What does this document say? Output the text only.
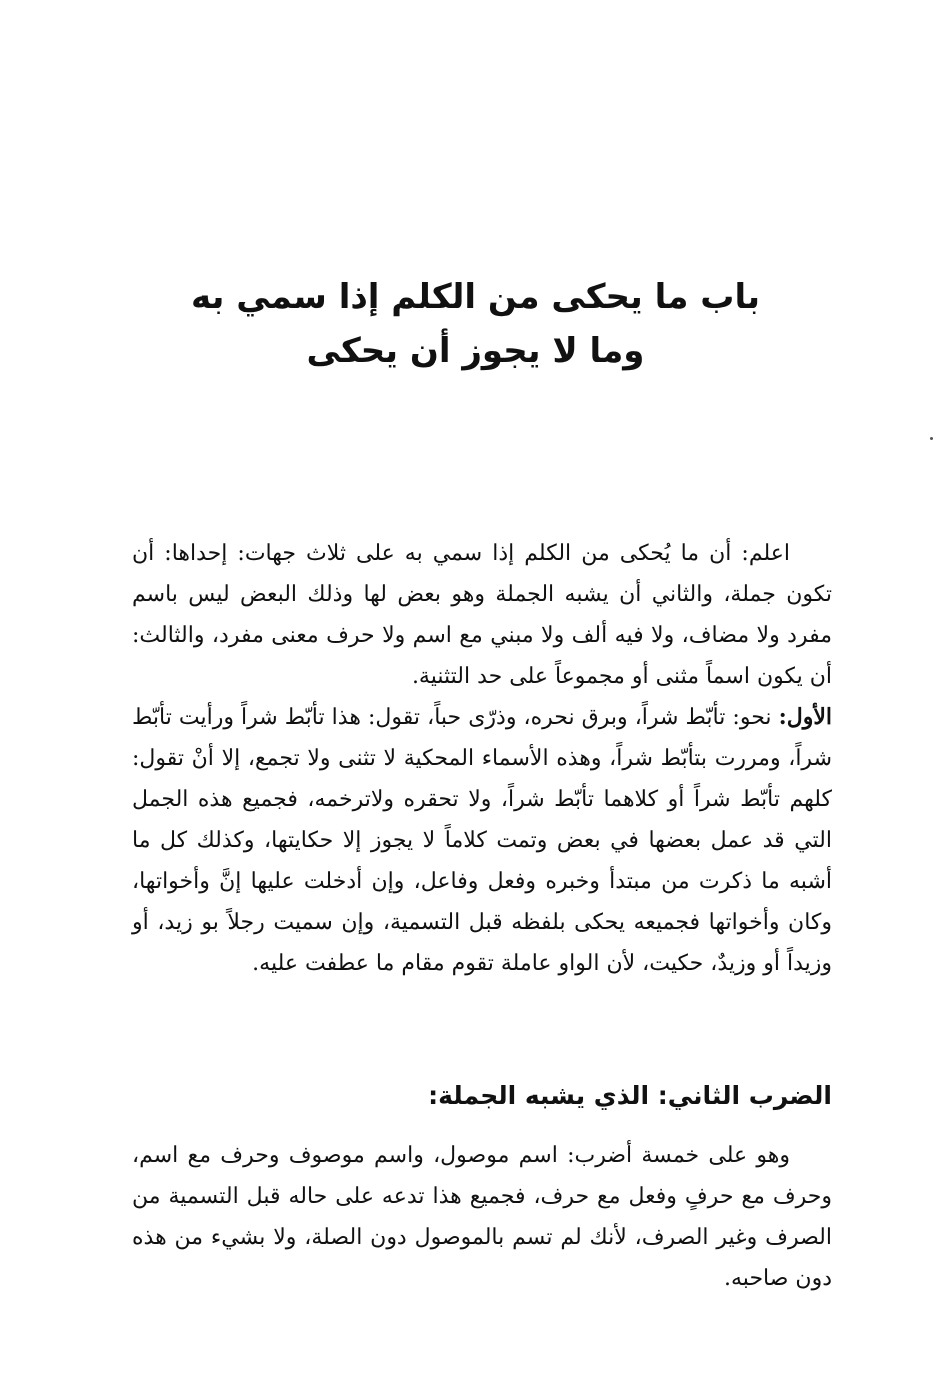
باب ما يحكى من الكلم إذا سمي به
وما لا يجوز أن يحكى

اعلم: أن ما يُحكى من الكلم إذا سمي به على ثلاث جهات: إحداها: أن تكون جملة، والثاني أن يشبه الجملة وهو بعض لها وذلك البعض ليس باسم مفرد ولا مضاف، ولا فيه ألف ولا مبني مع اسم ولا حرف معنى مفرد، والثالث: أن يكون اسماً مثنى أو مجموعاً على حد التثنية.

الأول: نحو: تأبّط شراً، وبرق نحره، وذرّى حباً، تقول: هذا تأبّط شراً ورأيت تأبّط شراً، ومررت بتأبّط شراً، وهذه الأسماء المحكية لا تثنى ولا تجمع، إلا أنْ تقول: كلهم تأبّط شراً أو كلاهما تأبّط شراً، ولا تحقره ولاترخمه، فجميع هذه الجمل التي قد عمل بعضها في بعض وتمت كلاماً لا يجوز إلا حكايتها، وكذلك كل ما أشبه ما ذكرت من مبتدأ وخبره وفعل وفاعل، وإن أدخلت عليها إنَّ وأخواتها، وكان وأخواتها فجميعه يحكى بلفظه قبل التسمية، وإن سميت رجلاً بو زيد، أو وزيداً أو وزيدٌ، حكيت، لأن الواو عاملة تقوم مقام ما عطفت عليه.

الضرب الثاني: الذي يشبه الجملة:

وهو على خمسة أضرب: اسم موصول، واسم موصوف وحرف مع اسم، وحرف مع حرفٍ وفعل مع حرف، فجميع هذا تدعه على حاله قبل التسمية من الصرف وغير الصرف، لأنك لم تسم بالموصول دون الصلة، ولا بشيء من هذه دون صاحبه.
